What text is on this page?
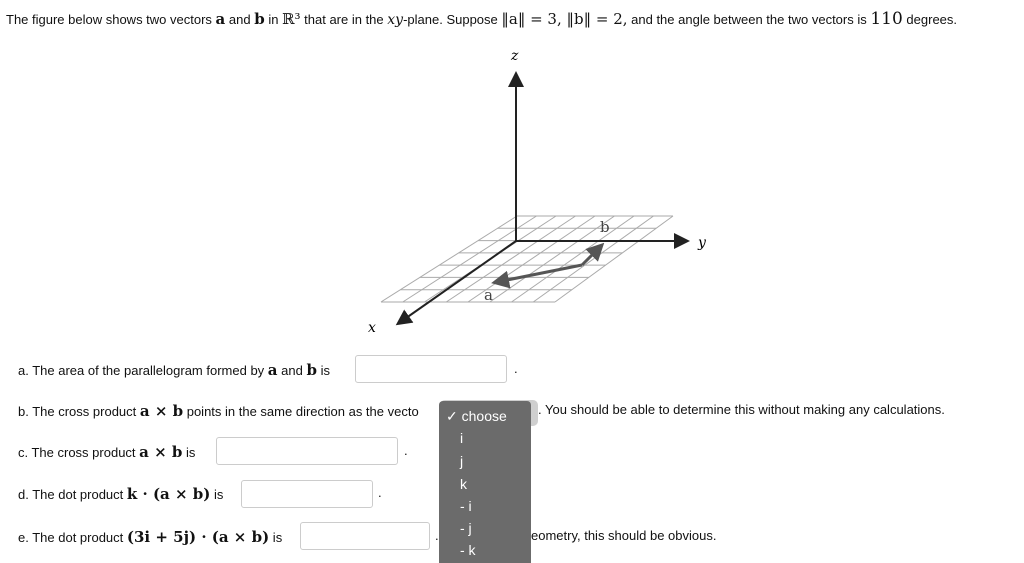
The figure below shows two vectors a and b in ℝ³ that are in the xy-plane. Suppose ‖a‖ = 3, ‖b‖ = 2, and the angle between the two vectors is 110 degrees.
z
y
x
a
b
a. The area of the parallelogram formed by a and b is	.
b. The cross product a × b points in the same direction as the vecto	. You should be able to determine this without making any calculations.
c. The cross product a × b is	.
d. The dot product k · (a × b) is	.
e. The dot product (3i + 5j) · (a × b) is	.	eometry, this should be obvious.
✓ choose
i
j
k
- i
- j
- k
